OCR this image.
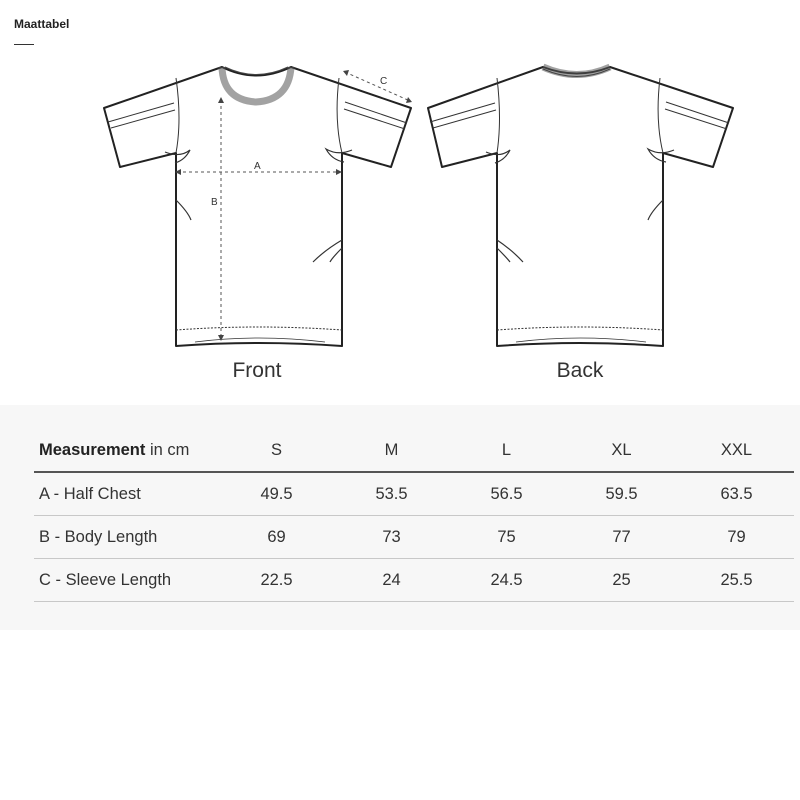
Maattabel
A
B
C
Front	Back
Measurement in cm	S	M	L	XL	XXL
A - Half Chest	49.5	53.5	56.5	59.5	63.5
B - Body Length	69	73	75	77	79
C - Sleeve Length	22.5	24	24.5	25	25.5
